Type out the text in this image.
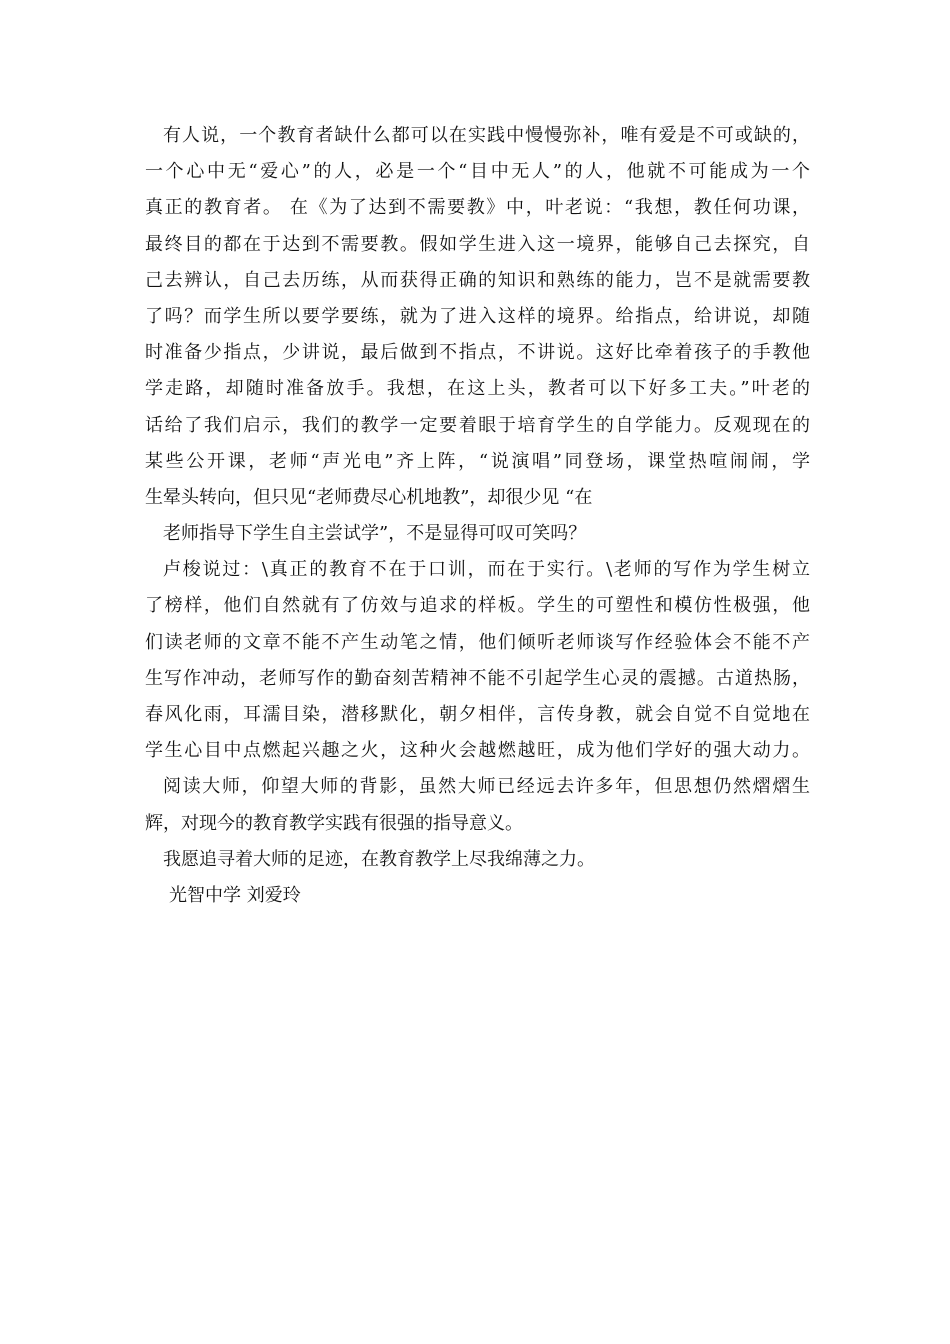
有人说，一个教育者缺什么都可以在实践中慢慢弥补，唯有爱是不可或缺的，
一个心中无“爱心”的人，必是一个“目中无人”的人，他就不可能成为一个
真正的教育者。 在《为了达到不需要教》中，叶老说：“我想，教任何功课，
最终目的都在于达到不需要教。假如学生进入这一境界，能够自己去探究，自
己去辨认，自己去历练，从而获得正确的知识和熟练的能力，岂不是就需要教
了吗？而学生所以要学要练，就为了进入这样的境界。给指点，给讲说，却随
时准备少指点，少讲说，最后做到不指点，不讲说。这好比牵着孩子的手教他
学走路，却随时准备放手。我想，在这上头，教者可以下好多工夫。”叶老的
话给了我们启示，我们的教学一定要着眼于培育学生的自学能力。反观现在的
某些公开课，老师“声光电”齐上阵，“说演唱”同登场，课堂热喧闹闹，学
生晕头转向，但只见“老师费尽心机地教”，却很少见 “在
老师指导下学生自主尝试学”，不是显得可叹可笑吗？
卢梭说过：\真正的教育不在于口训，而在于实行。\老师的写作为学生树立
了榜样，他们自然就有了仿效与追求的样板。学生的可塑性和模仿性极强，他
们读老师的文章不能不产生动笔之情，他们倾听老师谈写作经验体会不能不产
生写作冲动，老师写作的勤奋刻苦精神不能不引起学生心灵的震撼。古道热肠，
春风化雨，耳濡目染，潜移默化，朝夕相伴，言传身教，就会自觉不自觉地在
学生心目中点燃起兴趣之火，这种火会越燃越旺，成为他们学好的强大动力。
阅读大师，仰望大师的背影，虽然大师已经远去许多年，但思想仍然熠熠生
辉，对现今的教育教学实践有很强的指导意义。
我愿追寻着大师的足迹，在教育教学上尽我绵薄之力。
光智中学 刘爱玲
